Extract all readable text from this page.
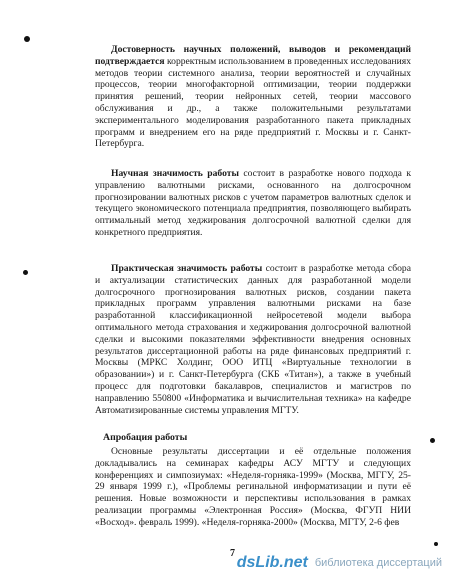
Достоверность научных положений, выводов и рекомендаций подтверждается корректным использованием в проведенных исследованиях методов теории системного анализа, теории вероятностей и случайных процессов, теории многофакторной оптимизации, теории поддержки принятия решений, теории нейронных сетей, теории массового обслуживания и др., а также положительными результатами экспериментального моделирования разработанного пакета прикладных программ и внедрением его на ряде предприятий г. Москвы и г. Санкт-Петербурга.

Научная значимость работы состоит в разработке нового подхода к управлению валютными рисками, основанного на долгосрочном прогнозировании валютных рисков с учетом параметров валютных сделок и текущего экономического потенциала предприятия, позволяющего выбирать оптимальный метод хеджирования долгосрочной валютной сделки для конкретного предприятия.

Практическая значимость работы состоит в разработке метода сбора и актуализации статистических данных для разработанной модели долгосрочного прогнозирования валютных рисков, создании пакета прикладных программ управления валютными рисками на базе разработанной классификационной нейросетевой модели выбора оптимального метода страхования и хеджирования долгосрочной валютной сделки и высокими показателями эффективности внедрения основных результатов диссертационной работы на ряде финансовых предприятий г. Москвы (МРКС Холдинг, ООО ИТЦ «Виртуальные технологии в образовании») и г. Санкт-Петербурга (СКБ «Титан»), а также в учебный процесс для подготовки бакалавров, специалистов и магистров по направлению 550800 «Информатика и вычислительная техника» на кафедре Автоматизированные системы управления МГТУ.

Апробация работы

Основные результаты диссертации и её отдельные положения докладывались на семинарах кафедры АСУ МГТУ и следующих конференциях и симпозиумах: «Неделя-горняка-1999» (Москва, МГГУ, 25-29 января 1999 г.), «Проблемы регинальной информатизации и пути её решения. Новые возможности и перспективы использования в рамках реализации программы «Электронная Россия» (Москва, ФГУП НИИ «Восход». февраль 1999). «Неделя-горняка-2000» (Москва, МГТУ, 2-6 фев

7
dsLib.net библиотека диссертаций
